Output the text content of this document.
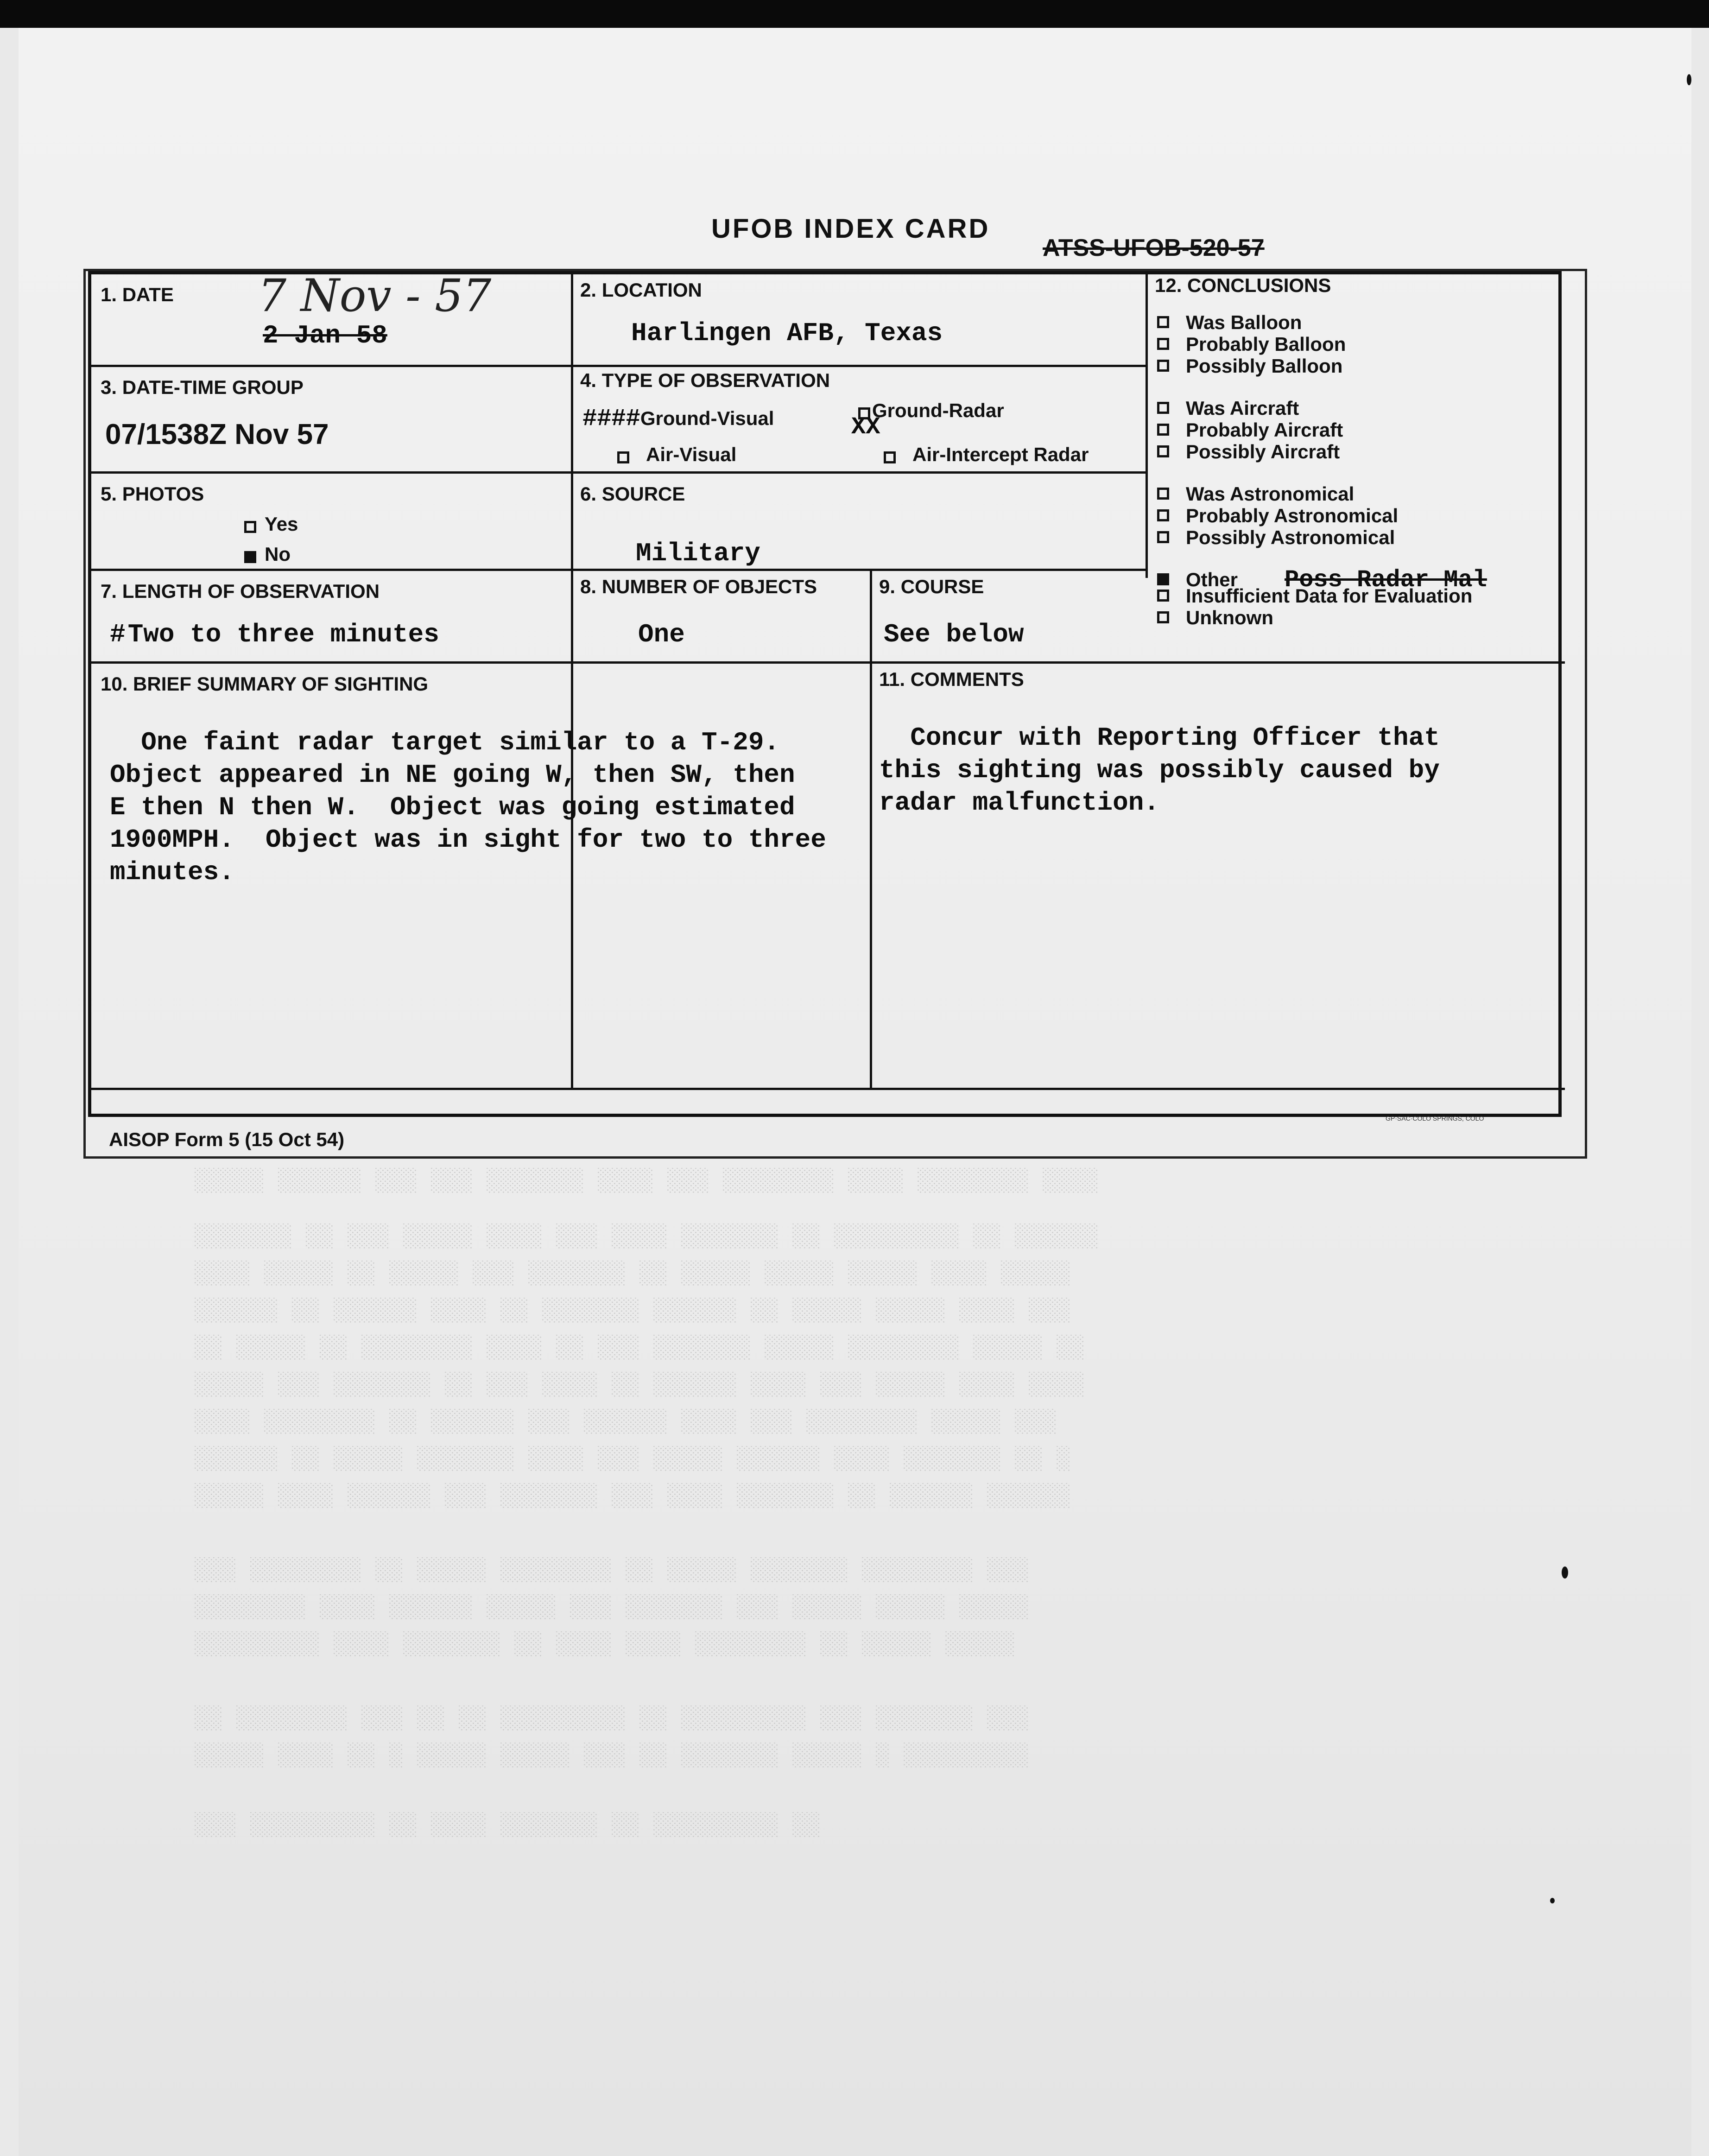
░░░░░ ░░░░░░ ░░░ ░░░ ░░░░░░░ ░░░░ ░░░ ░░░░░░░░ ░░░░ ░░░░░░░░ ░░░░
░░░░░░░ ░░ ░░░ ░░░░░ ░░░░ ░░░ ░░░░ ░░░░░░░ ░░ ░░░░░░░░░ ░░ ░░░░░░
░░░░ ░░░░░ ░░ ░░░░░ ░░░ ░░░░░░░ ░░ ░░░░░ ░░░░░ ░░░░░ ░░░░ ░░░░░
░░░░░░ ░░ ░░░░░░ ░░░░ ░░ ░░░░░░░ ░░░░░░ ░░ ░░░░░ ░░░░░ ░░░░ ░░░
░░ ░░░░░ ░░ ░░░░░░░░ ░░░░ ░░ ░░░ ░░░░░░░ ░░░░░ ░░░░░░░░ ░░░░░ ░░
░░░░░ ░░░ ░░░░░░░ ░░ ░░░ ░░░░ ░░ ░░░░░░ ░░░░ ░░░ ░░░░░ ░░░░ ░░░░
░░░░ ░░░░░░░░ ░░ ░░░░░░ ░░░ ░░░░░░ ░░░░ ░░░ ░░░░░░░░ ░░░░░ ░░░
░░░░░░ ░░ ░░░░░ ░░░░░░░ ░░░░ ░░░ ░░░░░ ░░░░░░ ░░░░ ░░░░░░░ ░░ ░
░░░░░ ░░░░ ░░░░░░ ░░░ ░░░░░░░ ░░░ ░░░░ ░░░░░░░ ░░ ░░░░░░ ░░░░░░
░░░ ░░░░░░░░ ░░ ░░░░░ ░░░░░░░░ ░░ ░░░░░ ░░░░░░░ ░░░░░░░░ ░░░
░░░░░░░░ ░░░░ ░░░░░░ ░░░░░ ░░░ ░░░░░░░ ░░░ ░░░░░ ░░░░░ ░░░░░
░░░░░░░░░ ░░░░ ░░░░░░░ ░░ ░░░░ ░░░░ ░░░░░░░░ ░░ ░░░░░ ░░░░░
░░ ░░░░░░░░ ░░░ ░░ ░░ ░░░░░░░░░ ░░ ░░░░░░░░░ ░░░ ░░░░░░░ ░░░
░░░░░ ░░░░ ░░ ░ ░░░░░ ░░░░░ ░░░ ░░ ░░░░░░░ ░░░░░ ░ ░░░░░░░░░
░░░ ░░░░░░░░░ ░░ ░░░░ ░░░░░░░ ░░ ░░░░░░░░░ ░░
UFOB INDEX CARD
ATSS-UFOB-520-57
1. DATE 7 Nov - 57
2 Jan 58
2. LOCATION
Harlingen AFB, Texas
3. DATE-TIME GROUP
07/1538Z Nov 57
4. TYPE OF OBSERVATION
####Ground-Visual	Ground-Radar
XX
Air-Visual	Air-Intercept Radar
5. PHOTOS
Yes
No
6. SOURCE
Military
7. LENGTH OF OBSERVATION
# Two to three minutes
8. NUMBER OF OBJECTS
One
9. COURSE
See below
10. BRIEF SUMMARY OF SIGHTING
One faint radar target similar to a T-29.
Object appeared in NE going W, then SW, then
E then N then W.  Object was going estimated
1900MPH.  Object was in sight for two to three
minutes.
11. COMMENTS
Concur with Reporting Officer that
this sighting was possibly caused by
radar malfunction.
12. CONCLUSIONS
Was Balloon
Probably Balloon
Possibly Balloon
Was Aircraft
Probably Aircraft
Possibly Aircraft
Was Astronomical
Probably Astronomical
Possibly Astronomical
Other Poss Radar Mal
Insufficient Data for Evaluation
Unknown
AISOP Form 5 (15 Oct 54)
GP·SAC·COLO SPRINGS, COLO
